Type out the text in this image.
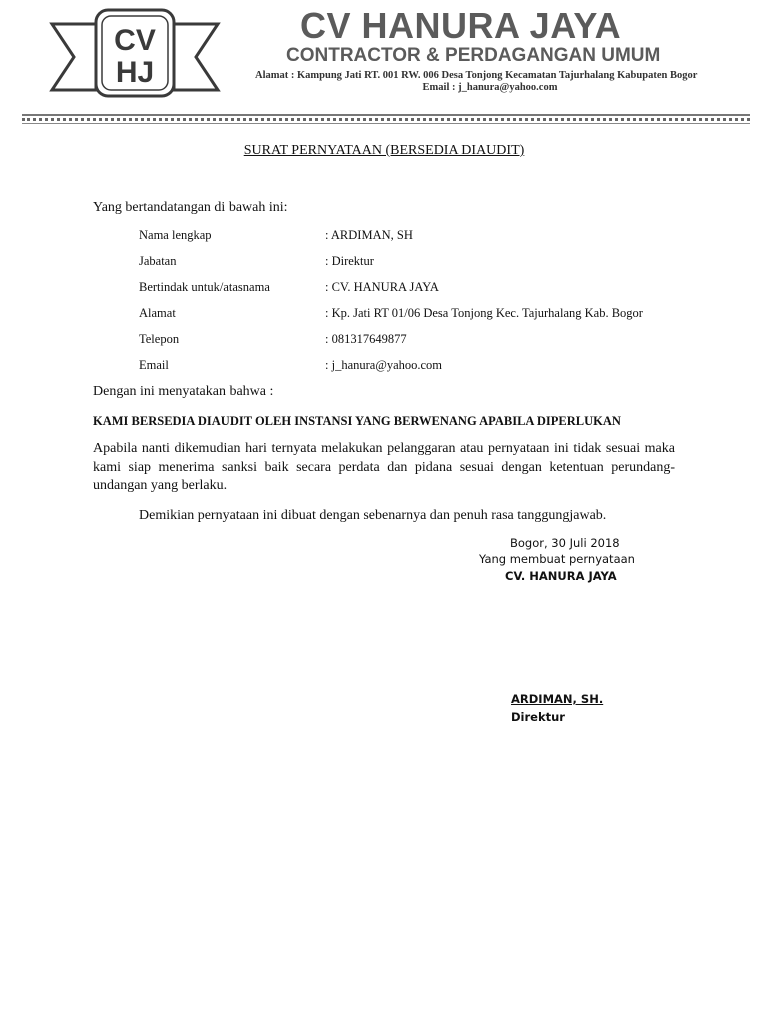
CV
HJ
CV HANURA JAYA
CONTRACTOR & PERDAGANGAN UMUM
Alamat : Kampung Jati RT. 001 RW. 006 Desa Tonjong Kecamatan Tajurhalang Kabupaten Bogor
Email : j_hanura@yahoo.com
SURAT PERNYATAAN (BERSEDIA DIAUDIT)
Yang bertandatangan di bawah ini:
Nama lengkap	: ARDIMAN, SH
Jabatan	: Direktur
Bertindak untuk/atasnama	: CV. HANURA JAYA
Alamat	: Kp. Jati RT 01/06 Desa Tonjong Kec. Tajurhalang Kab. Bogor
Telepon	: 081317649877
Email	: j_hanura@yahoo.com
Dengan ini menyatakan bahwa :
KAMI BERSEDIA DIAUDIT OLEH INSTANSI YANG BERWENANG APABILA DIPERLUKAN
Apabila nanti dikemudian hari ternyata melakukan pelanggaran atau pernyataan ini tidak sesuai maka kami siap menerima sanksi baik secara perdata dan pidana sesuai dengan ketentuan perundang-undangan yang berlaku.
Demikian pernyataan ini dibuat dengan sebenarnya dan penuh rasa tanggungjawab.
Bogor, 30 Juli 2018
Yang membuat pernyataan
CV. HANURA JAYA
ARDIMAN, SH.
Direktur
